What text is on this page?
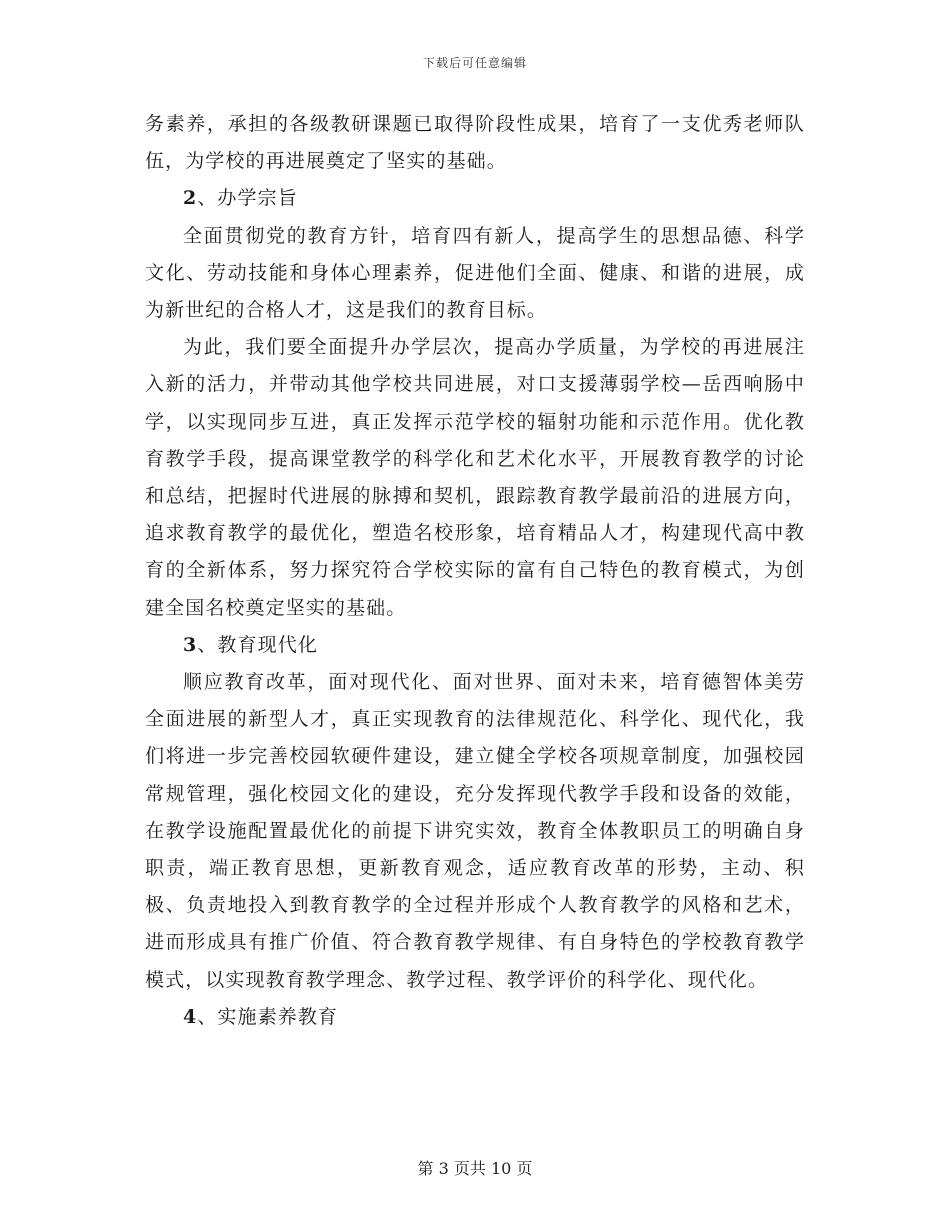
下载后可任意编辑

务素养，承担的各级教研课题已取得阶段性成果，培育了一支优秀老师队伍，为学校的再进展奠定了坚实的基础。

2、办学宗旨

全面贯彻党的教育方针，培育四有新人，提高学生的思想品德、科学文化、劳动技能和身体心理素养，促进他们全面、健康、和谐的进展，成为新世纪的合格人才，这是我们的教育目标。

为此，我们要全面提升办学层次，提高办学质量，为学校的再进展注入新的活力，并带动其他学校共同进展，对口支援薄弱学校—岳西响肠中学，以实现同步互进，真正发挥示范学校的辐射功能和示范作用。优化教育教学手段，提高课堂教学的科学化和艺术化水平，开展教育教学的讨论和总结，把握时代进展的脉搏和契机，跟踪教育教学最前沿的进展方向，追求教育教学的最优化，塑造名校形象，培育精品人才，构建现代高中教育的全新体系，努力探究符合学校实际的富有自己特色的教育模式，为创建全国名校奠定坚实的基础。

3、教育现代化

顺应教育改革，面对现代化、面对世界、面对未来，培育德智体美劳全面进展的新型人才，真正实现教育的法律规范化、科学化、现代化，我们将进一步完善校园软硬件建设，建立健全学校各项规章制度，加强校园常规管理，强化校园文化的建设，充分发挥现代教学手段和设备的效能，在教学设施配置最优化的前提下讲究实效，教育全体教职员工的明确自身职责，端正教育思想，更新教育观念，适应教育改革的形势，主动、积极、负责地投入到教育教学的全过程并形成个人教育教学的风格和艺术，进而形成具有推广价值、符合教育教学规律、有自身特色的学校教育教学模式，以实现教育教学理念、教学过程、教学评价的科学化、现代化。

4、实施素养教育
第 3 页共 10 页
